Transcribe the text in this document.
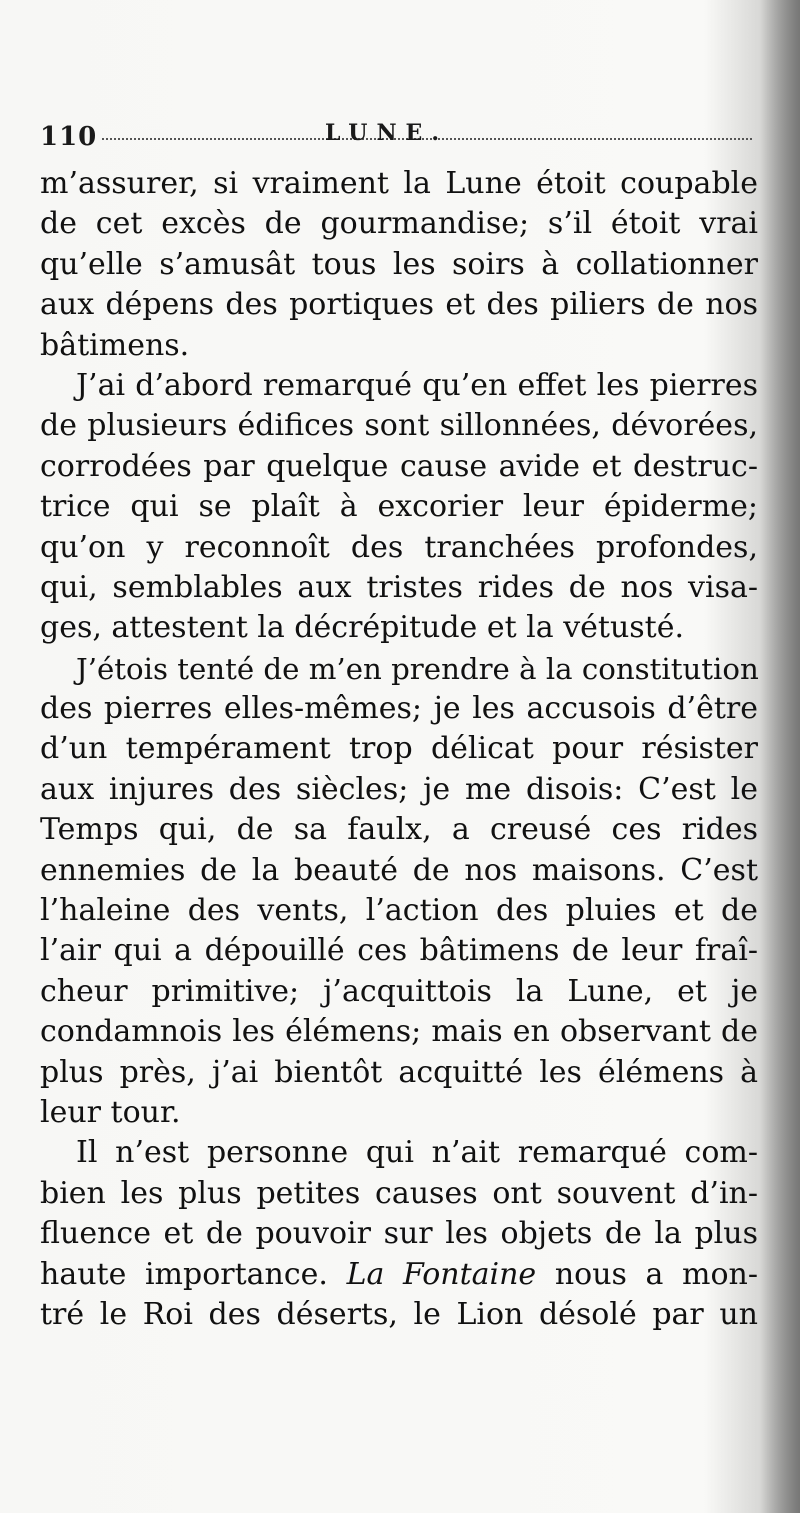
110	LUNE.
m’assurer, si vraiment la Lune étoit coupable
de cet excès de gourmandise; s’il étoit vrai
qu’elle s’amusât tous les soirs à collationner
aux dépens des portiques et des piliers de nos
bâtimens.
J’ai d’abord remarqué qu’en effet les pierres
de plusieurs édifices sont sillonnées, dévorées,
corrodées par quelque cause avide et destruc-
trice qui se plaît à excorier leur épiderme;
qu’on y reconnoît des tranchées profondes,
qui, semblables aux tristes rides de nos visa-
ges, attestent la décrépitude et la vétusté.
J’étois tenté de m’en prendre à la constitution
des pierres elles-mêmes; je les accusois d’être
d’un tempérament trop délicat pour résister
aux injures des siècles; je me disois: C’est le
Temps qui, de sa faulx, a creusé ces rides
ennemies de la beauté de nos maisons. C’est
l’haleine des vents, l’action des pluies et de
l’air qui a dépouillé ces bâtimens de leur fraî-
cheur primitive; j’acquittois la Lune, et je
condamnois les élémens; mais en observant de
plus près, j’ai bientôt acquitté les élémens à
leur tour.
Il n’est personne qui n’ait remarqué com-
bien les plus petites causes ont souvent d’in-
fluence et de pouvoir sur les objets de la plus
haute importance. La Fontaine nous a mon-
tré le Roi des déserts, le Lion désolé par un
